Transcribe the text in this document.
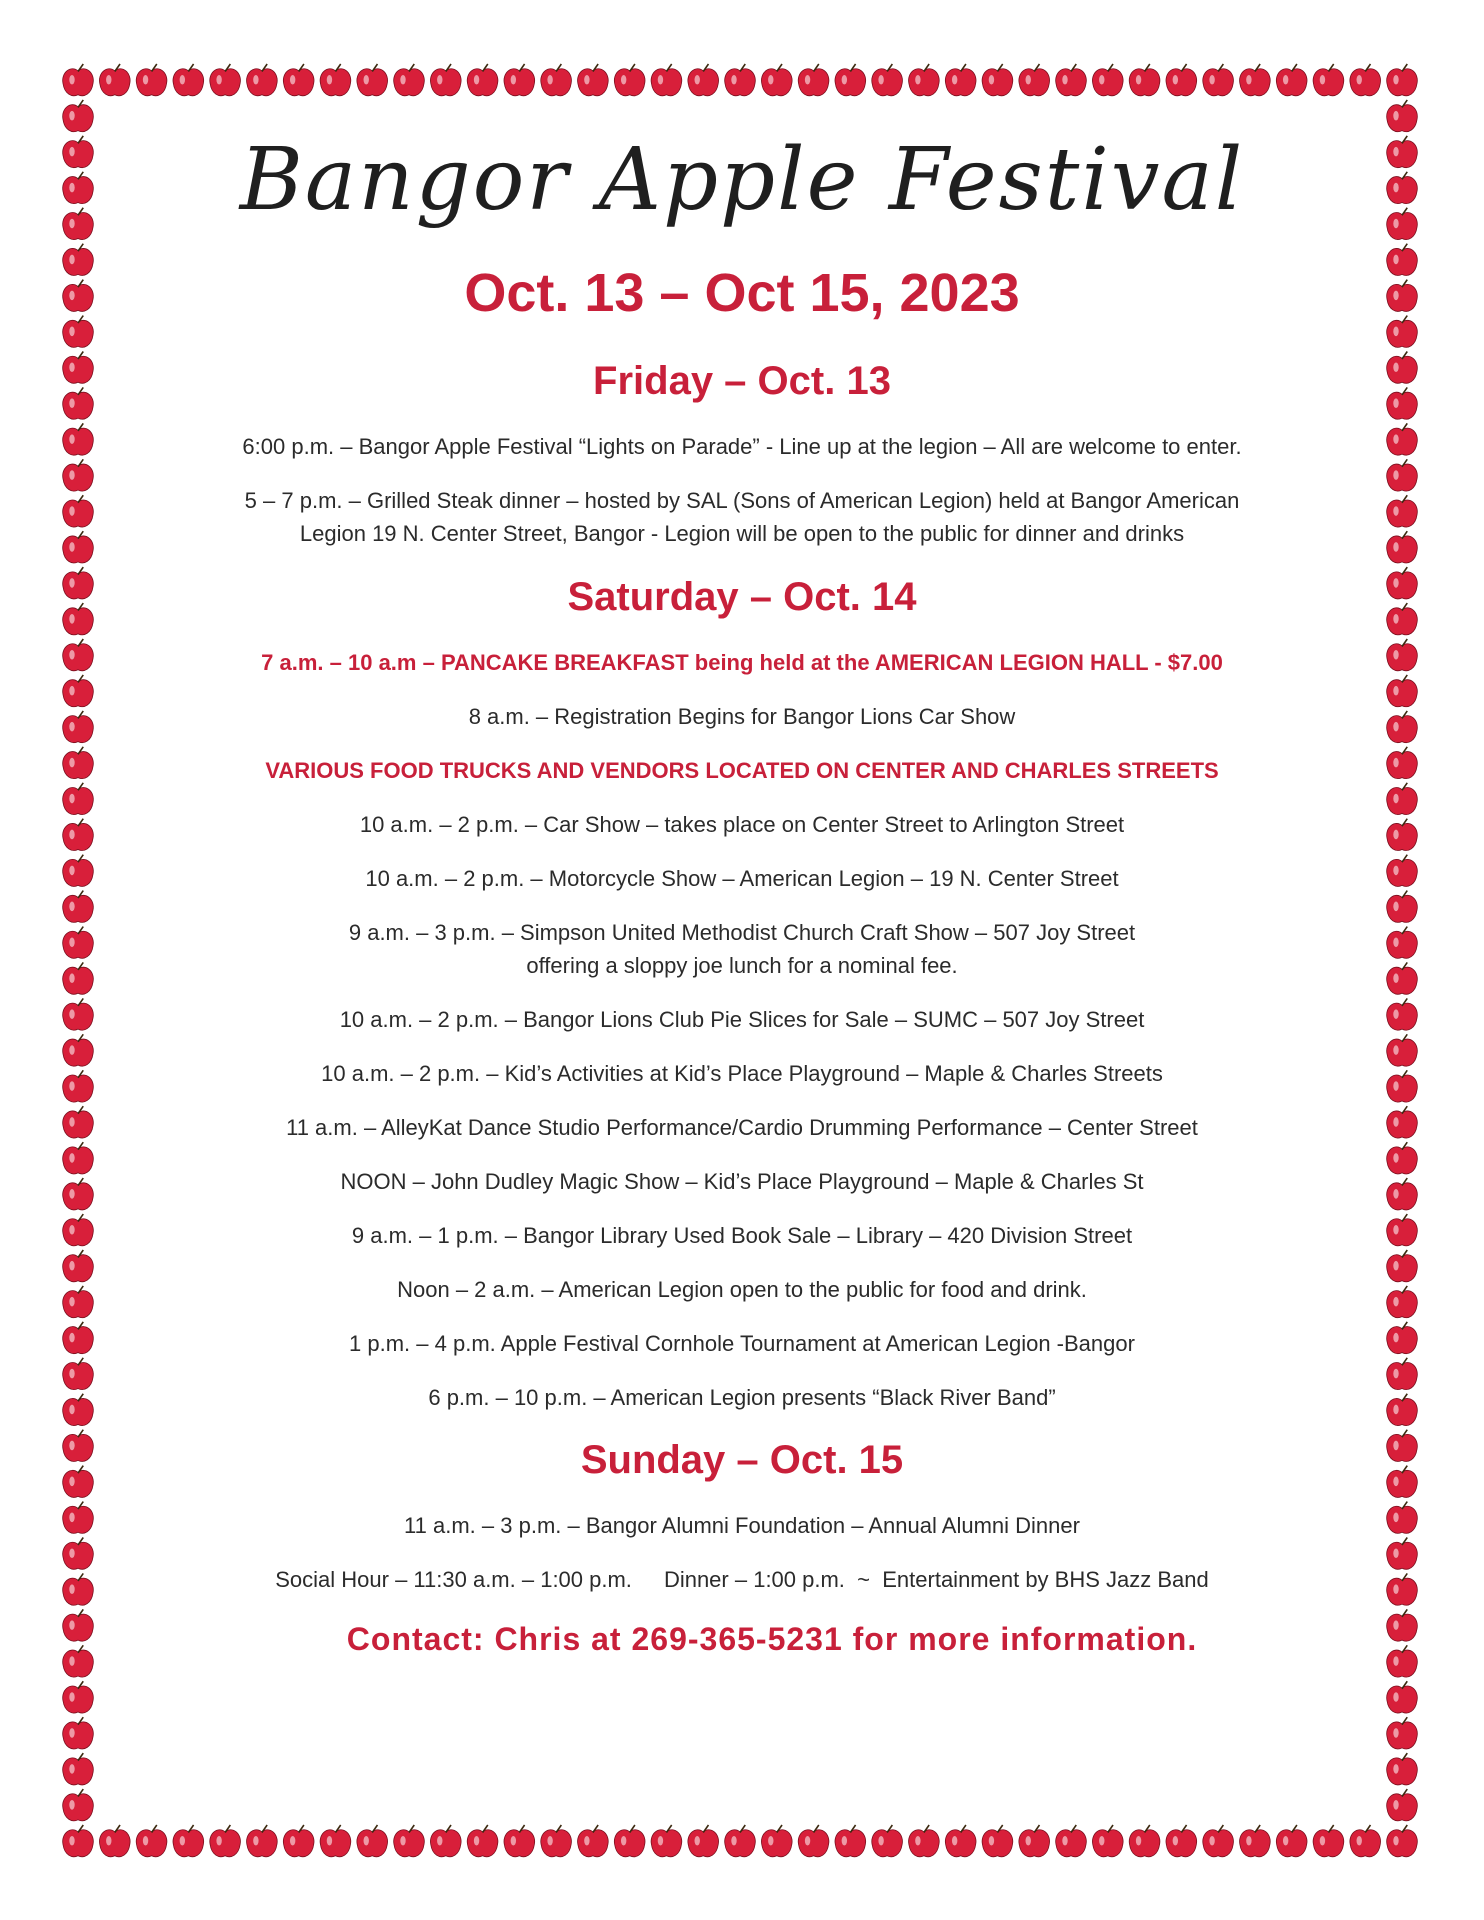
Bangor Apple Festival
Oct. 13 – Oct 15, 2023
Friday – Oct. 13
6:00 p.m. – Bangor Apple Festival “Lights on Parade” - Line up at the legion – All are welcome to enter.
5 – 7 p.m. – Grilled Steak dinner – hosted by SAL (Sons of American Legion) held at Bangor American
Legion 19 N. Center Street, Bangor - Legion will be open to the public for dinner and drinks
Saturday – Oct. 14
7 a.m. – 10 a.m – PANCAKE BREAKFAST being held at the AMERICAN LEGION HALL - $7.00
8 a.m. – Registration Begins for Bangor Lions Car Show
VARIOUS FOOD TRUCKS AND VENDORS LOCATED ON CENTER AND CHARLES STREETS
10 a.m. – 2 p.m. – Car Show – takes place on Center Street to Arlington Street
10 a.m. – 2 p.m. – Motorcycle Show – American Legion – 19 N. Center Street
9 a.m. – 3 p.m. – Simpson United Methodist Church Craft Show – 507 Joy Street
offering a sloppy joe lunch for a nominal fee.
10 a.m. – 2 p.m. – Bangor Lions Club Pie Slices for Sale – SUMC – 507 Joy Street
10 a.m. – 2 p.m. – Kid’s Activities at Kid’s Place Playground – Maple & Charles Streets
11 a.m. – AlleyKat Dance Studio Performance/Cardio Drumming Performance – Center Street
NOON – John Dudley Magic Show – Kid’s Place Playground – Maple & Charles St
9 a.m. – 1 p.m. – Bangor Library Used Book Sale – Library – 420 Division Street
Noon – 2 a.m. – American Legion open to the public for food and drink.
1 p.m. – 4 p.m. Apple Festival Cornhole Tournament at American Legion -Bangor
6 p.m. – 10 p.m. – American Legion presents “Black River Band”
Sunday – Oct. 15
11 a.m. – 3 p.m. – Bangor Alumni Foundation – Annual Alumni Dinner
Social Hour – 11:30 a.m. – 1:00 p.m. Dinner – 1:00 p.m. ~ Entertainment by BHS Jazz Band
Contact: Chris at 269-365-5231 for more information.
